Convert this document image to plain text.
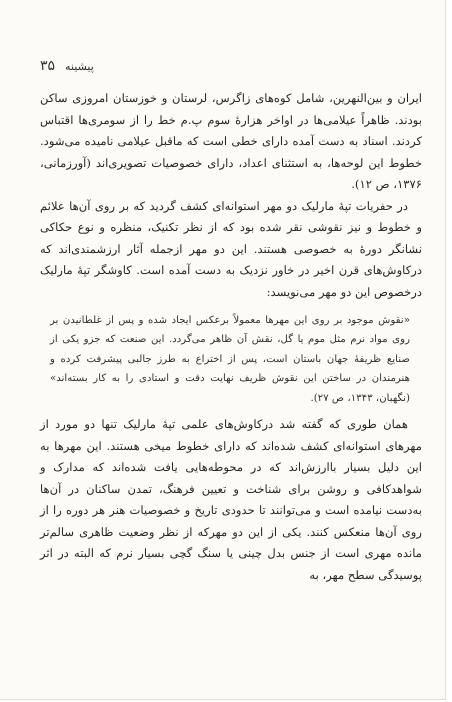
۳۵ پیشینه

ایران و بین‌النهرین، شامل کوه‌های زاگرس، لرستان و خوزستان امروزی ساکن بودند. ظاهراً عیلامی‌ها در اواخر هزارهٔ سوم پ.م خط را از سومری‌ها اقتباس کردند. اسناد به دست آمده دارای خطی است که ماقبل عیلامی نامیده می‌شود. خطوط این لوحه‌ها، به استثنای اعداد، دارای خصوصیات تصویری‌اند (آورزمانی، ۱۳۷۶، ص ۱۲).

در حفریات تپهٔ مارلیک دو مهر استوانه‌ای کشف گردید که بر روی آن‌ها علائم و خطوط و نیز نقوشی نقر شده بود که از نظر تکنیک، منظره و نوع حکاکی نشانگر دورهٔ به خصوصی هستند. این دو مهر ازجمله آثار ارزشمندی‌اند که درکاوش‌های قرن اخیر در خاور نزدیک به دست آمده است. کاوشگر تپهٔ مارلیک درخصوص این دو مهر می‌نویسد:

«نقوش موجود بر روی این مهرها معمولاً برعکس ایجاد شده و پس از غلطانیدن بر روی مواد نرم مثل موم یا گل، نقش آن ظاهر می‌گردد. این صنعت که جزو یکی از صنایع ظریفهٔ جهان باستان است، پس از اختراع به طرز جالبی پیشرفت کرده و هنرمندان در ساختن این نقوش ظریف نهایت دقت و استادی را به کار بسته‌اند» (نگهبان، ۱۳۴۳، ص ۲۷).

همان طوری که گفته شد درکاوش‌های علمی تپهٔ مارلیک تنها دو مورد از مهرهای استوانه‌ای کشف شده‌اند که دارای خطوط میخی هستند. این مهرها به این دلیل بسیار باارزش‌اند که در محوطه‌هایی یافت شده‌اند که مدارک و شواهدکافی و روشن برای شناخت و تعیین فرهنگ، تمدن ساکنان در آن‌ها به‌دست نیامده است و می‌توانند تا حدودی تاریخ و خصوصیات هنر هر دوره را از روی آن‌ها منعکس کنند. یکی از این دو مهرکه از نظر وضعیت ظاهری سالم‌تر مانده مهری است از جنس بدل چینی یا سنگ گچی بسیار نرم که البته در اثر پوسیدگی سطح مهر، به
